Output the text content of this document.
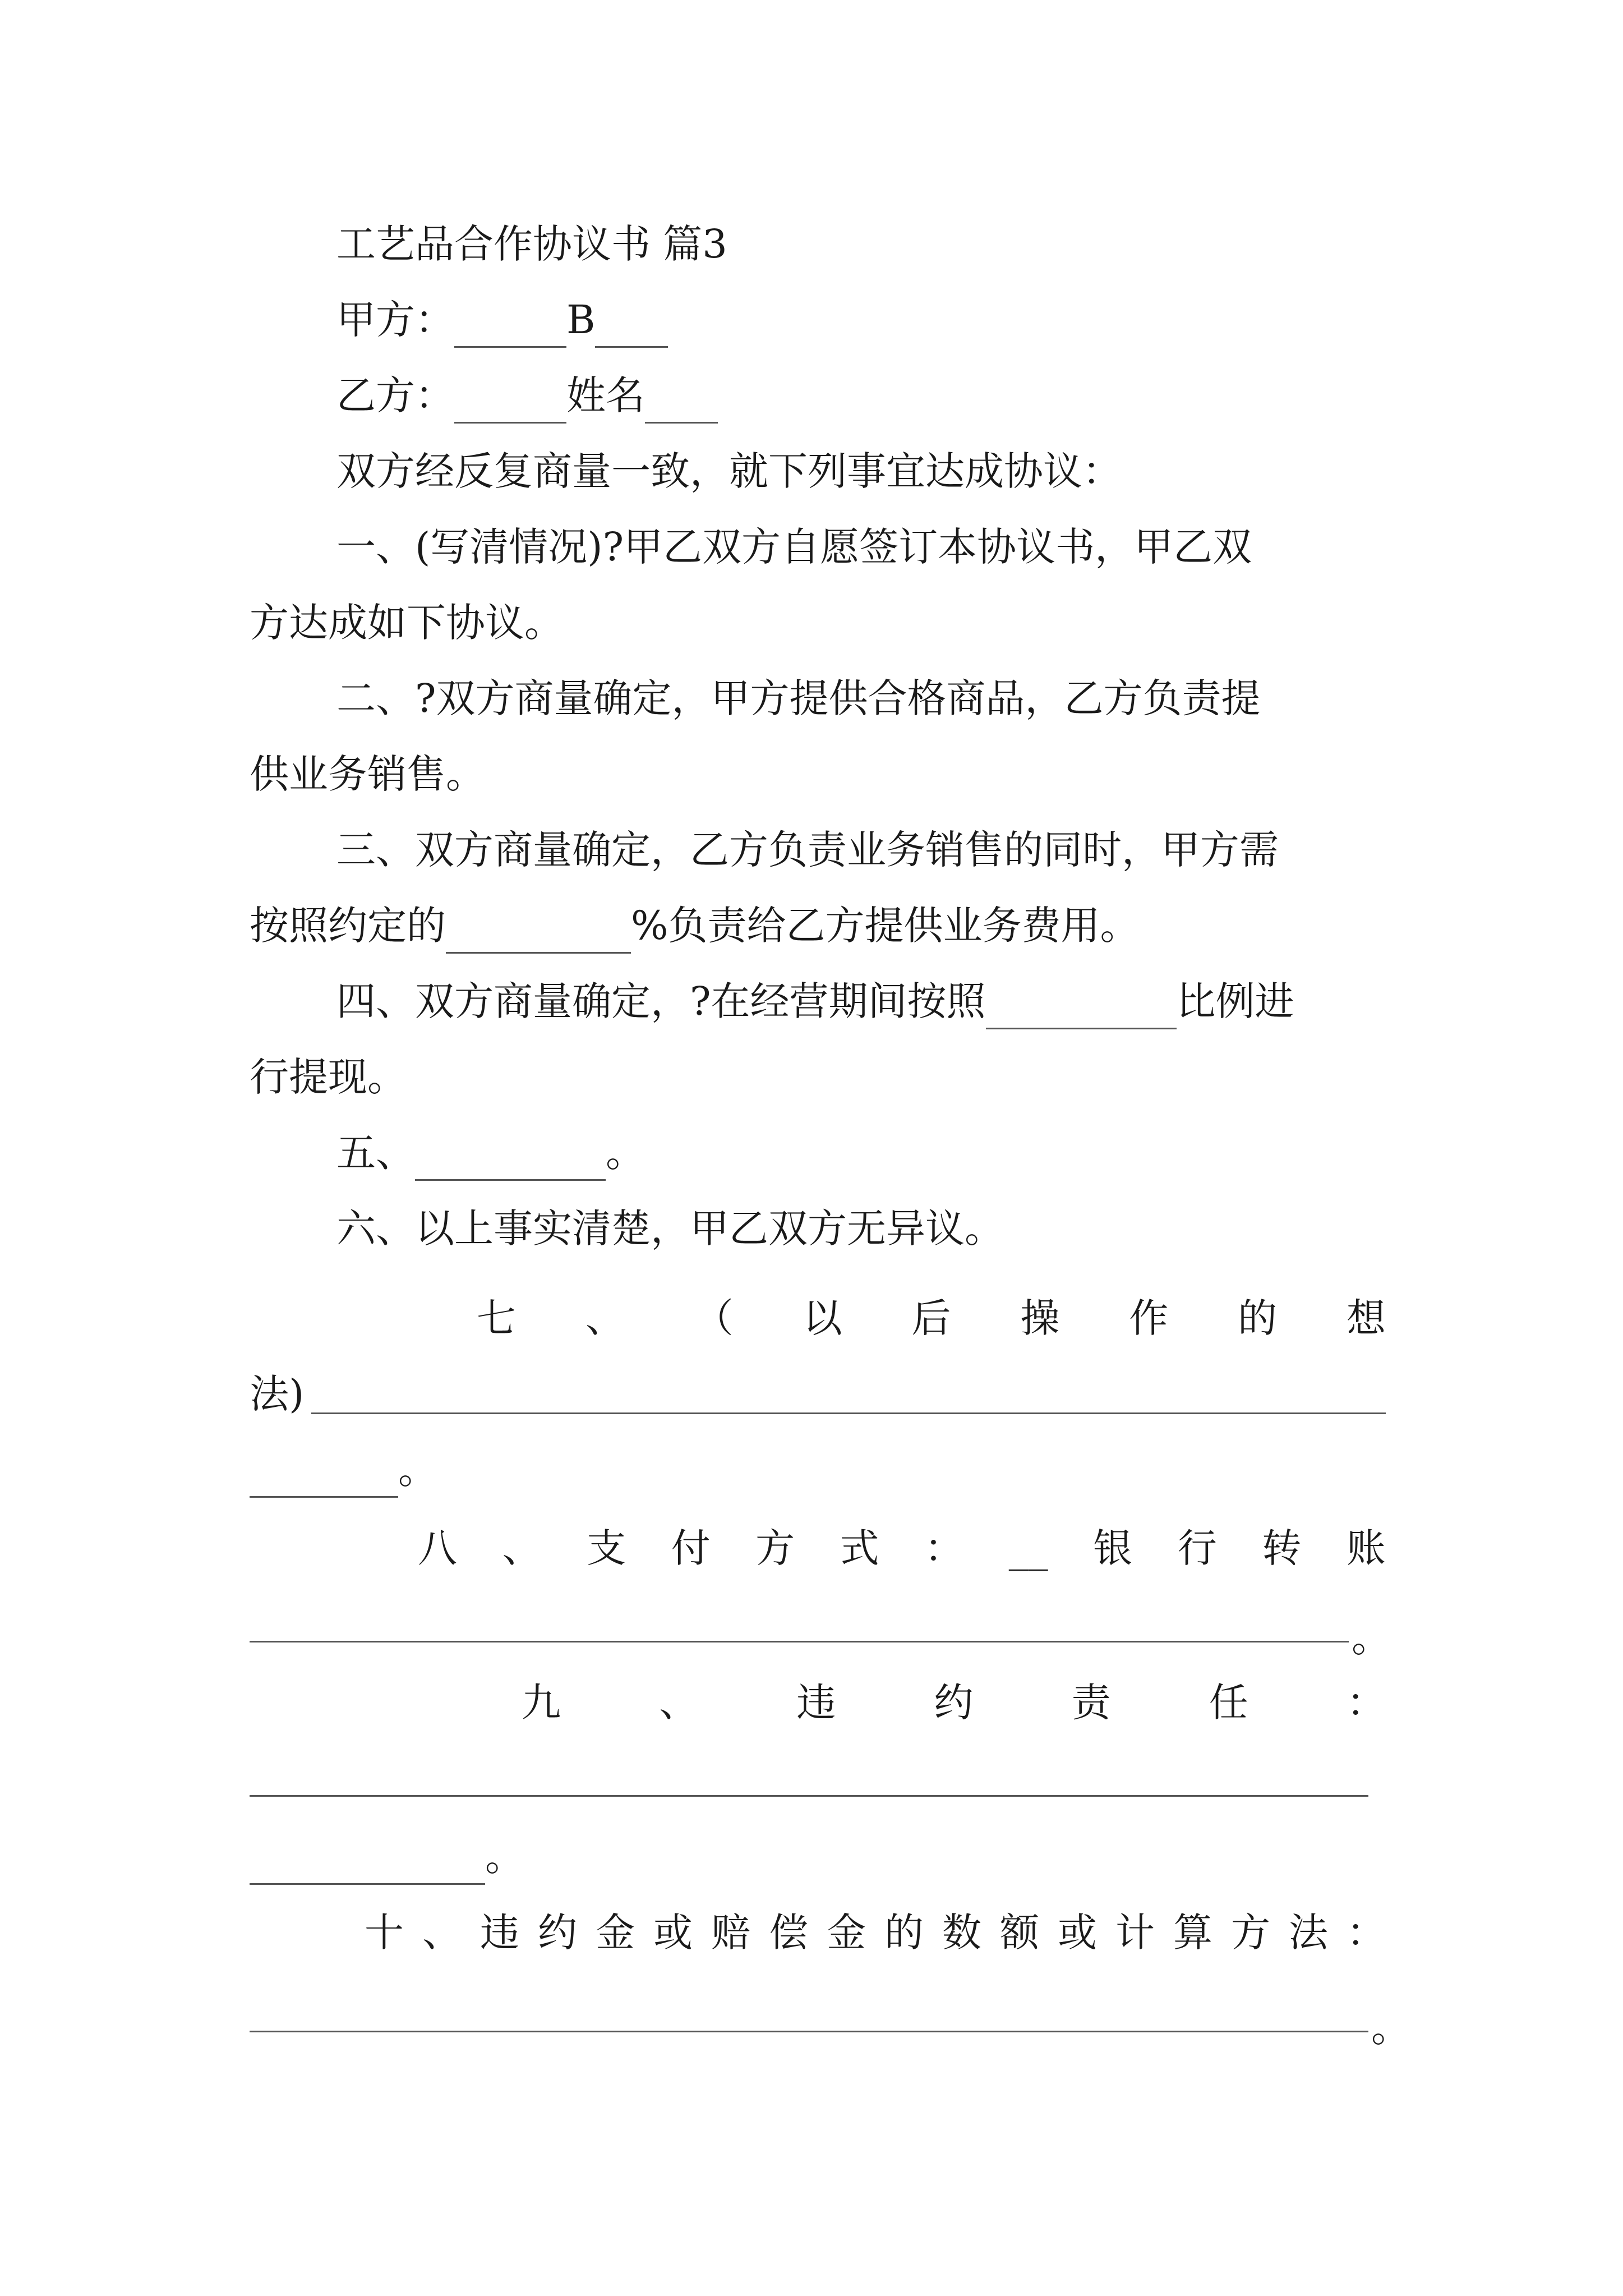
工艺品合作协议书 篇3
甲方：	B
乙方：	姓名
双方经反复商量一致，就下列事宜达成协议：
一、(写清情况)?甲乙双方自愿签订本协议书，甲乙双
方达成如下协议。
二、?双方商量确定，甲方提供合格商品，乙方负责提
供业务销售。
三、双方商量确定，乙方负责业务销售的同时，甲方需
按照约定的	%负责给乙方提供业务费用。
四、双方商量确定，?在经营期间按照	比例进
行提现。
五、	。
六、以上事实清楚，甲乙双方无异议。
七 、 （ 以 后 操 作 的 想
法)
。
八 、 支 付 方 式 ： __ 银 行 转 账
。
九	、	违	约	责	任	：
。
十 、 违 约 金 或 赔 偿 金 的 数 额 或 计 算 方 法 ：
。
